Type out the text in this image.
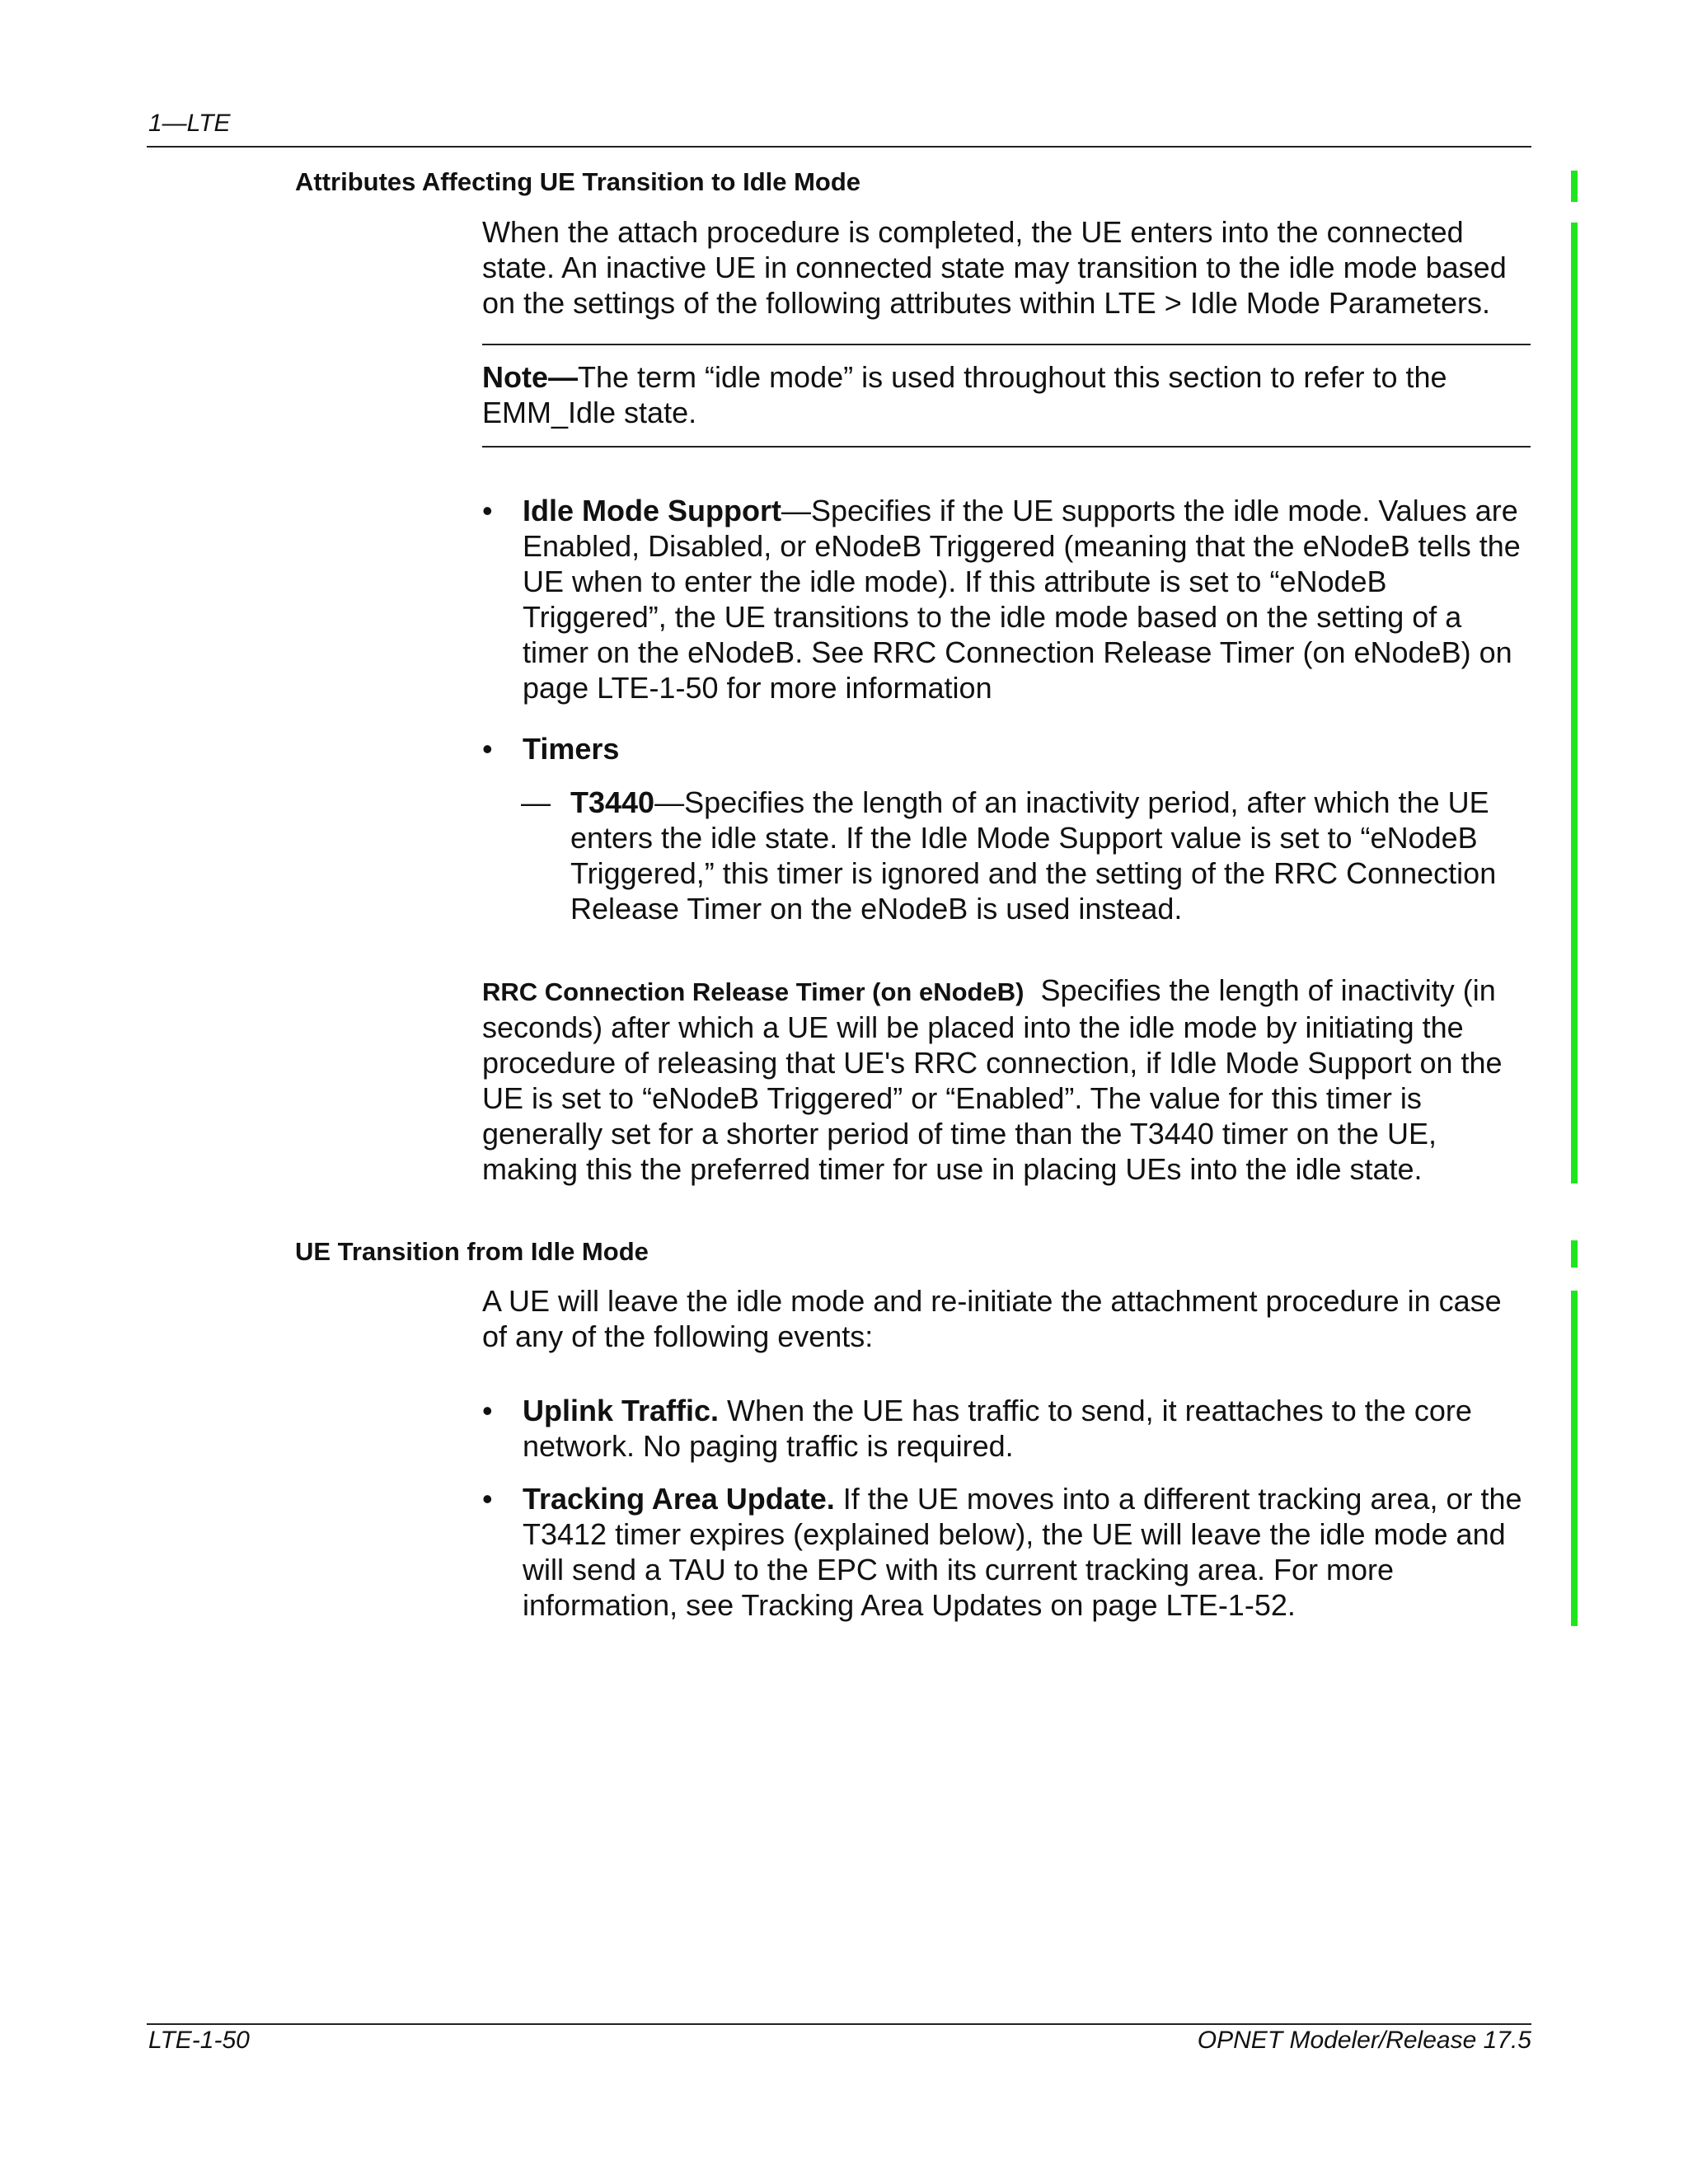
1—LTE
Attributes Affecting UE Transition to Idle Mode

When the attach procedure is completed, the UE enters into the connected state. An inactive UE in connected state may transition to the idle mode based on the settings of the following attributes within LTE > Idle Mode Parameters.

Note—The term “idle mode” is used throughout this section to refer to the EMM_Idle state.

• Idle Mode Support—Specifies if the UE supports the idle mode. Values are Enabled, Disabled, or eNodeB Triggered (meaning that the eNodeB tells the UE when to enter the idle mode). If this attribute is set to “eNodeB Triggered”, the UE transitions to the idle mode based on the setting of a timer on the eNodeB. See RRC Connection Release Timer (on eNodeB) on page LTE-1-50 for more information
• Timers
— T3440—Specifies the length of an inactivity period, after which the UE enters the idle state. If the Idle Mode Support value is set to “eNodeB Triggered,” this timer is ignored and the setting of the RRC Connection Release Timer on the eNodeB is used instead.

RRC Connection Release Timer (on eNodeB) Specifies the length of inactivity (in seconds) after which a UE will be placed into the idle mode by initiating the procedure of releasing that UE's RRC connection, if Idle Mode Support on the UE is set to “eNodeB Triggered” or “Enabled”. The value for this timer is generally set for a shorter period of time than the T3440 timer on the UE, making this the preferred timer for use in placing UEs into the idle state.

UE Transition from Idle Mode

A UE will leave the idle mode and re-initiate the attachment procedure in case of any of the following events:

• Uplink Traffic. When the UE has traffic to send, it reattaches to the core network. No paging traffic is required.
• Tracking Area Update. If the UE moves into a different tracking area, or the T3412 timer expires (explained below), the UE will leave the idle mode and will send a TAU to the EPC with its current tracking area. For more information, see Tracking Area Updates on page LTE-1-52.
LTE-1-50	OPNET Modeler/Release 17.5
